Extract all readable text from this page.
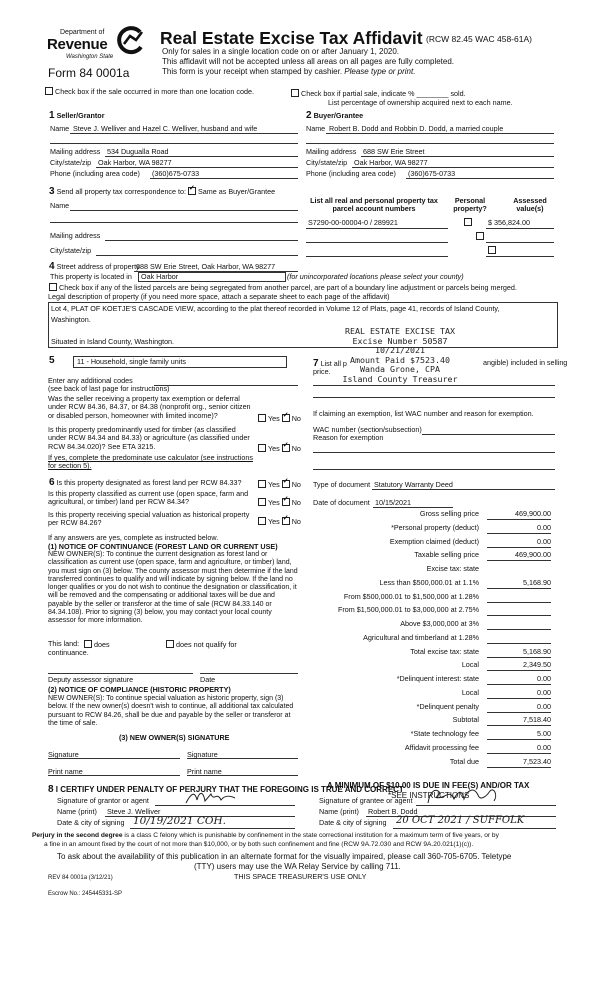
Department of
Revenue
Washington State
Form 84 0001a
Real Estate Excise Tax Affidavit (RCW 82.45 WAC 458-61A)
Only for sales in a single location code on or after January 1, 2020.
This affidavit will not be accepted unless all areas on all pages are fully completed.
This form is your receipt when stamped by cashier. Please type or print.
Check box if the sale occurred in more than one location code.	Check box if partial sale, indicate % ________ sold.
List percentage of ownership acquired next to each name.
1 Seller/Grantor
Name Steve J. Welliver and Hazel C. Welliver, husband and wife
Mailing address 534 Dugualla Road
City/state/zip Oak Harbor, WA 98277
Phone (including area code) (360)675-0733
2 Buyer/Grantee
Name Robert B. Dodd and Robbin D. Dodd, a married couple
Mailing address 688 SW Erie Street
City/state/zip Oak Harbor, WA 98277
Phone (including area code) (360)675-0733
3 Send all property tax correspondence to: ✓ Same as Buyer/Grantee
Name
Mailing address
City/state/zip
List all real and personal property tax parcel account numbers
Personal property?
Assessed value(s)
S7290-00-00004-0 / 289921
	$ 356,824.00
4 Street address of property
688 SW Erie Street, Oak Harbor, WA 98277
This property is located in Oak Harbor	(for unincorporated locations please select your county)
Check box if any of the listed parcels are being segregated from another parcel, are part of a boundary line adjustment or parcels being merged.
Legal description of property (if you need more space, attach a separate sheet to each page of the affidavit)
Lot 4, PLAT OF KOETJE'S CASCADE VIEW, according to the plat thereof recorded in Volume 12 of Plats, page 41, records of Island County,
Washington.
Situated in Island County, Washington.
REAL ESTATE EXCISE TAX
Excise Number 50587
10/21/2021
Amount Paid $7523.40
Wanda Grone, CPA
Island County Treasurer
5	11 - Household, single family units
Enter any additional codes
(see back of last page for instructions)
Was the seller receiving a property tax exemption or deferral under RCW 84.36, 84.37, or 84.38 (nonprofit org., senior citizen or disabled person, homeowner with limited income)?	Yes ✓ No
Is this property predominantly used for timber (as classified under RCW 84.34 and 84.33) or agriculture (as classified under RCW 84.34.020)? See ETA 3215.	Yes ✓ No
If yes, complete the predominate use calculator (see instructions for section 5).
7 List all p	angible) included in selling
price.
If claiming an exemption, list WAC number and reason for exemption.
WAC number (section/subsection)
Reason for exemption
6 Is this property designated as forest land per RCW 84.33?	Yes ✓ No
Is this property classified as current use (open space, farm and agricultural, or timber) land per RCW 84.34?	Yes ✓ No
Is this property receiving special valuation as historical property per RCW 84.26?	Yes ✓ No
If any answers are yes, complete as instructed below.
(1) NOTICE OF CONTINUANCE (FOREST LAND OR CURRENT USE)
NEW OWNER(S): To continue the current designation as forest land or classification as current use (open space, farm and agriculture, or timber) land, you must sign on (3) below. The county assessor must then determine if the land transferred continues to qualify and will indicate by signing below. If the land no longer qualifies or you do not wish to continue the designation or classification, it will be removed and the compensating or additional taxes will be due and payable by the seller or transferor at the time of sale (RCW 84.33.140 or 84.34.108). Prior to signing (3) below, you may contact your local county assessor for more information.
This land:	does	does not qualify for
continuance.
Deputy assessor signature	Date
(2) NOTICE OF COMPLIANCE (HISTORIC PROPERTY)
NEW OWNER(S): To continue special valuation as historic property, sign (3) below. If the new owner(s) doesn't wish to continue, all additional tax calculated pursuant to RCW 84.26, shall be due and payable by the seller or transferor at the time of sale.
(3) NEW OWNER(S) SIGNATURE
Signature	Signature
Print name	Print name
Type of document Statutory Warranty Deed
Date of document 10/15/2021
Gross selling price	469,900.00
*Personal property (deduct)	0.00
Exemption claimed (deduct)	0.00
Taxable selling price	469,900.00
Excise tax: state
Less than $500,000.01 at 1.1%	5,168.90
From $500,000.01 to $1,500,000 at 1.28%
From $1,500,000.01 to $3,000,000 at 2.75%
Above $3,000,000 at 3%
Agricultural and timberland at 1.28%
Total excise tax: state	5,168.90
Local	2,349.50
*Delinquent interest: state	0.00
Local	0.00
*Delinquent penalty	0.00
Subtotal	7,518.40
*State technology fee	5.00
Affidavit processing fee	0.00
Total due	7,523.40
A MINIMUM OF $10.00 IS DUE IN FEE(S) AND/OR TAX
*SEE INSTRUCTIONS
8 I CERTIFY UNDER PENALTY OF PERJURY THAT THE FOREGOING IS TRUE AND CORRECT
Signature of grantor or agent
Name (print) Steve J. Welliver
Date & city of signing 10/19/2021 COH.
Signature of grantee or agent
Name (print) Robert B. Dodd
Date & city of signing 20 OCT 2021 / SUFFOLK
Perjury in the second degree is a class C felony which is punishable by confinement in the state correctional institution for a maximum term of five years, or by
a fine in an amount fixed by the court of not more than $10,000, or by both such confinement and fine (RCW 9A.72.030 and RCW 9A.20.021(1)(c)).
To ask about the availability of this publication in an alternate format for the visually impaired, please call 360-705-6705. Teletype
(TTY) users may use the WA Relay Service by calling 711.
REV 84 0001a (3/12/21)	THIS SPACE TREASURER'S USE ONLY
Escrow No.: 245445331-SP
